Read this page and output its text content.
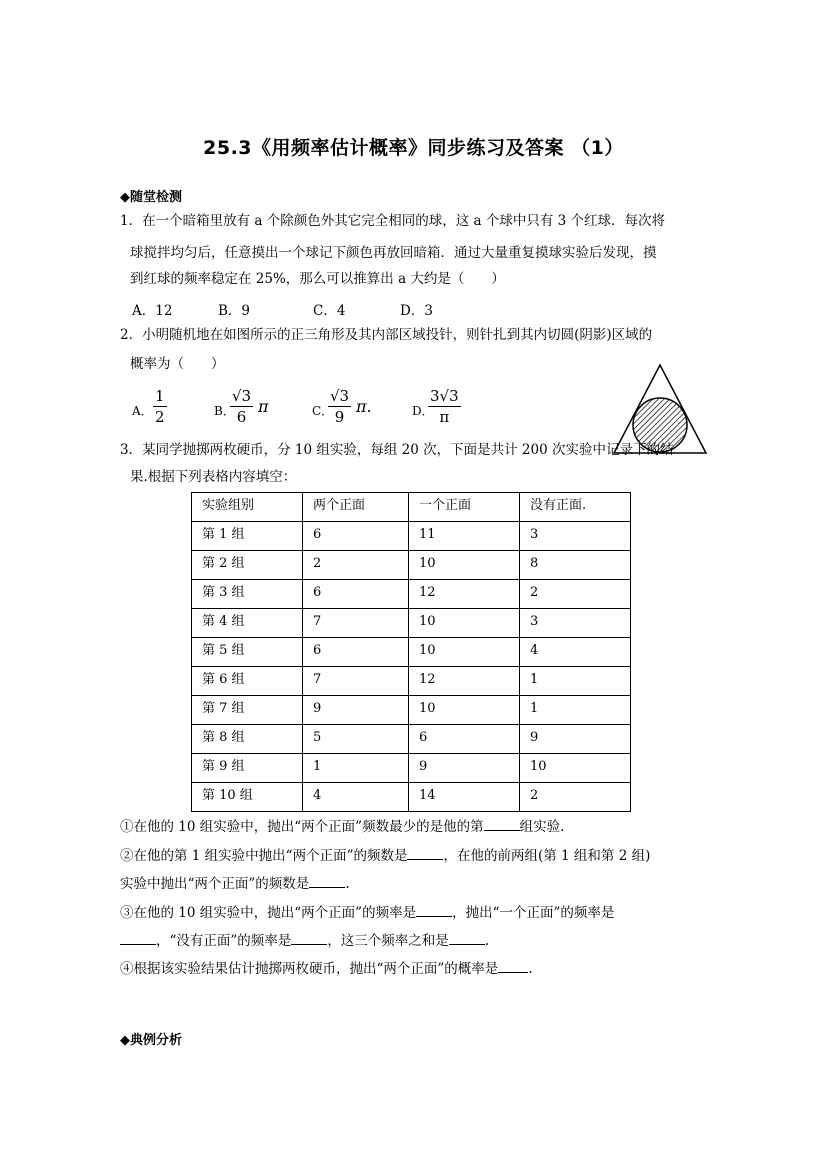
25.3《用频率估计概率》同步练习及答案 （1）
◆随堂检测
1．在一个暗箱里放有 a 个除颜色外其它完全相同的球，这 a 个球中只有 3 个红球．每次将
球搅拌均匀后，任意摸出一个球记下颜色再放回暗箱．通过大量重复摸球实验后发现，摸
到红球的频率稳定在 25%，那么可以推算出 a 大约是（　　）
A．12	B．9	C．4	D．3
2．小明随机地在如图所示的正三角形及其内部区域投针，则针扎到其内切圆(阴影)区域的
概率为（　　）
A． $\frac{1}{2}$	B．
$\frac{√3}{6}$ π	C．
$\frac{√3}{9} \pi$.	D．
$\frac{3√3}{\pi}$
3．某同学抛掷两枚硬币，分 10 组实验，每组 20 次，下面是共计 200 次实验中记录下的结
果.根据下列表格内容填空：
实验组别	两个正面	一个正面	没有正面.
第 1 组	6	11	3
第 2 组	2	10	8
第 3 组	6	12	2
第 4 组	7	10	3
第 5 组	6	10	4
第 6 组	7	12	1
第 7 组	9	10	1
第 8 组	5	6	9
第 9 组	1	9	10
第 10 组	4	14	2
①在他的 10 组实验中，抛出“两个正面”频数最少的是他的第	组实验.
②在他的第 1 组实验中抛出“两个正面”的频数是	，在他的前两组(第 1 组和第 2 组)
实验中抛出“两个正面”的频数是	.
③在他的 10 组实验中，抛出“两个正面”的频率是	，抛出“一个正面”的频率是
，“没有正面”的频率是	，这三个频率之和是	.
④根据该实验结果估计抛掷两枚硬币，抛出“两个正面”的概率是 .
◆典例分析
